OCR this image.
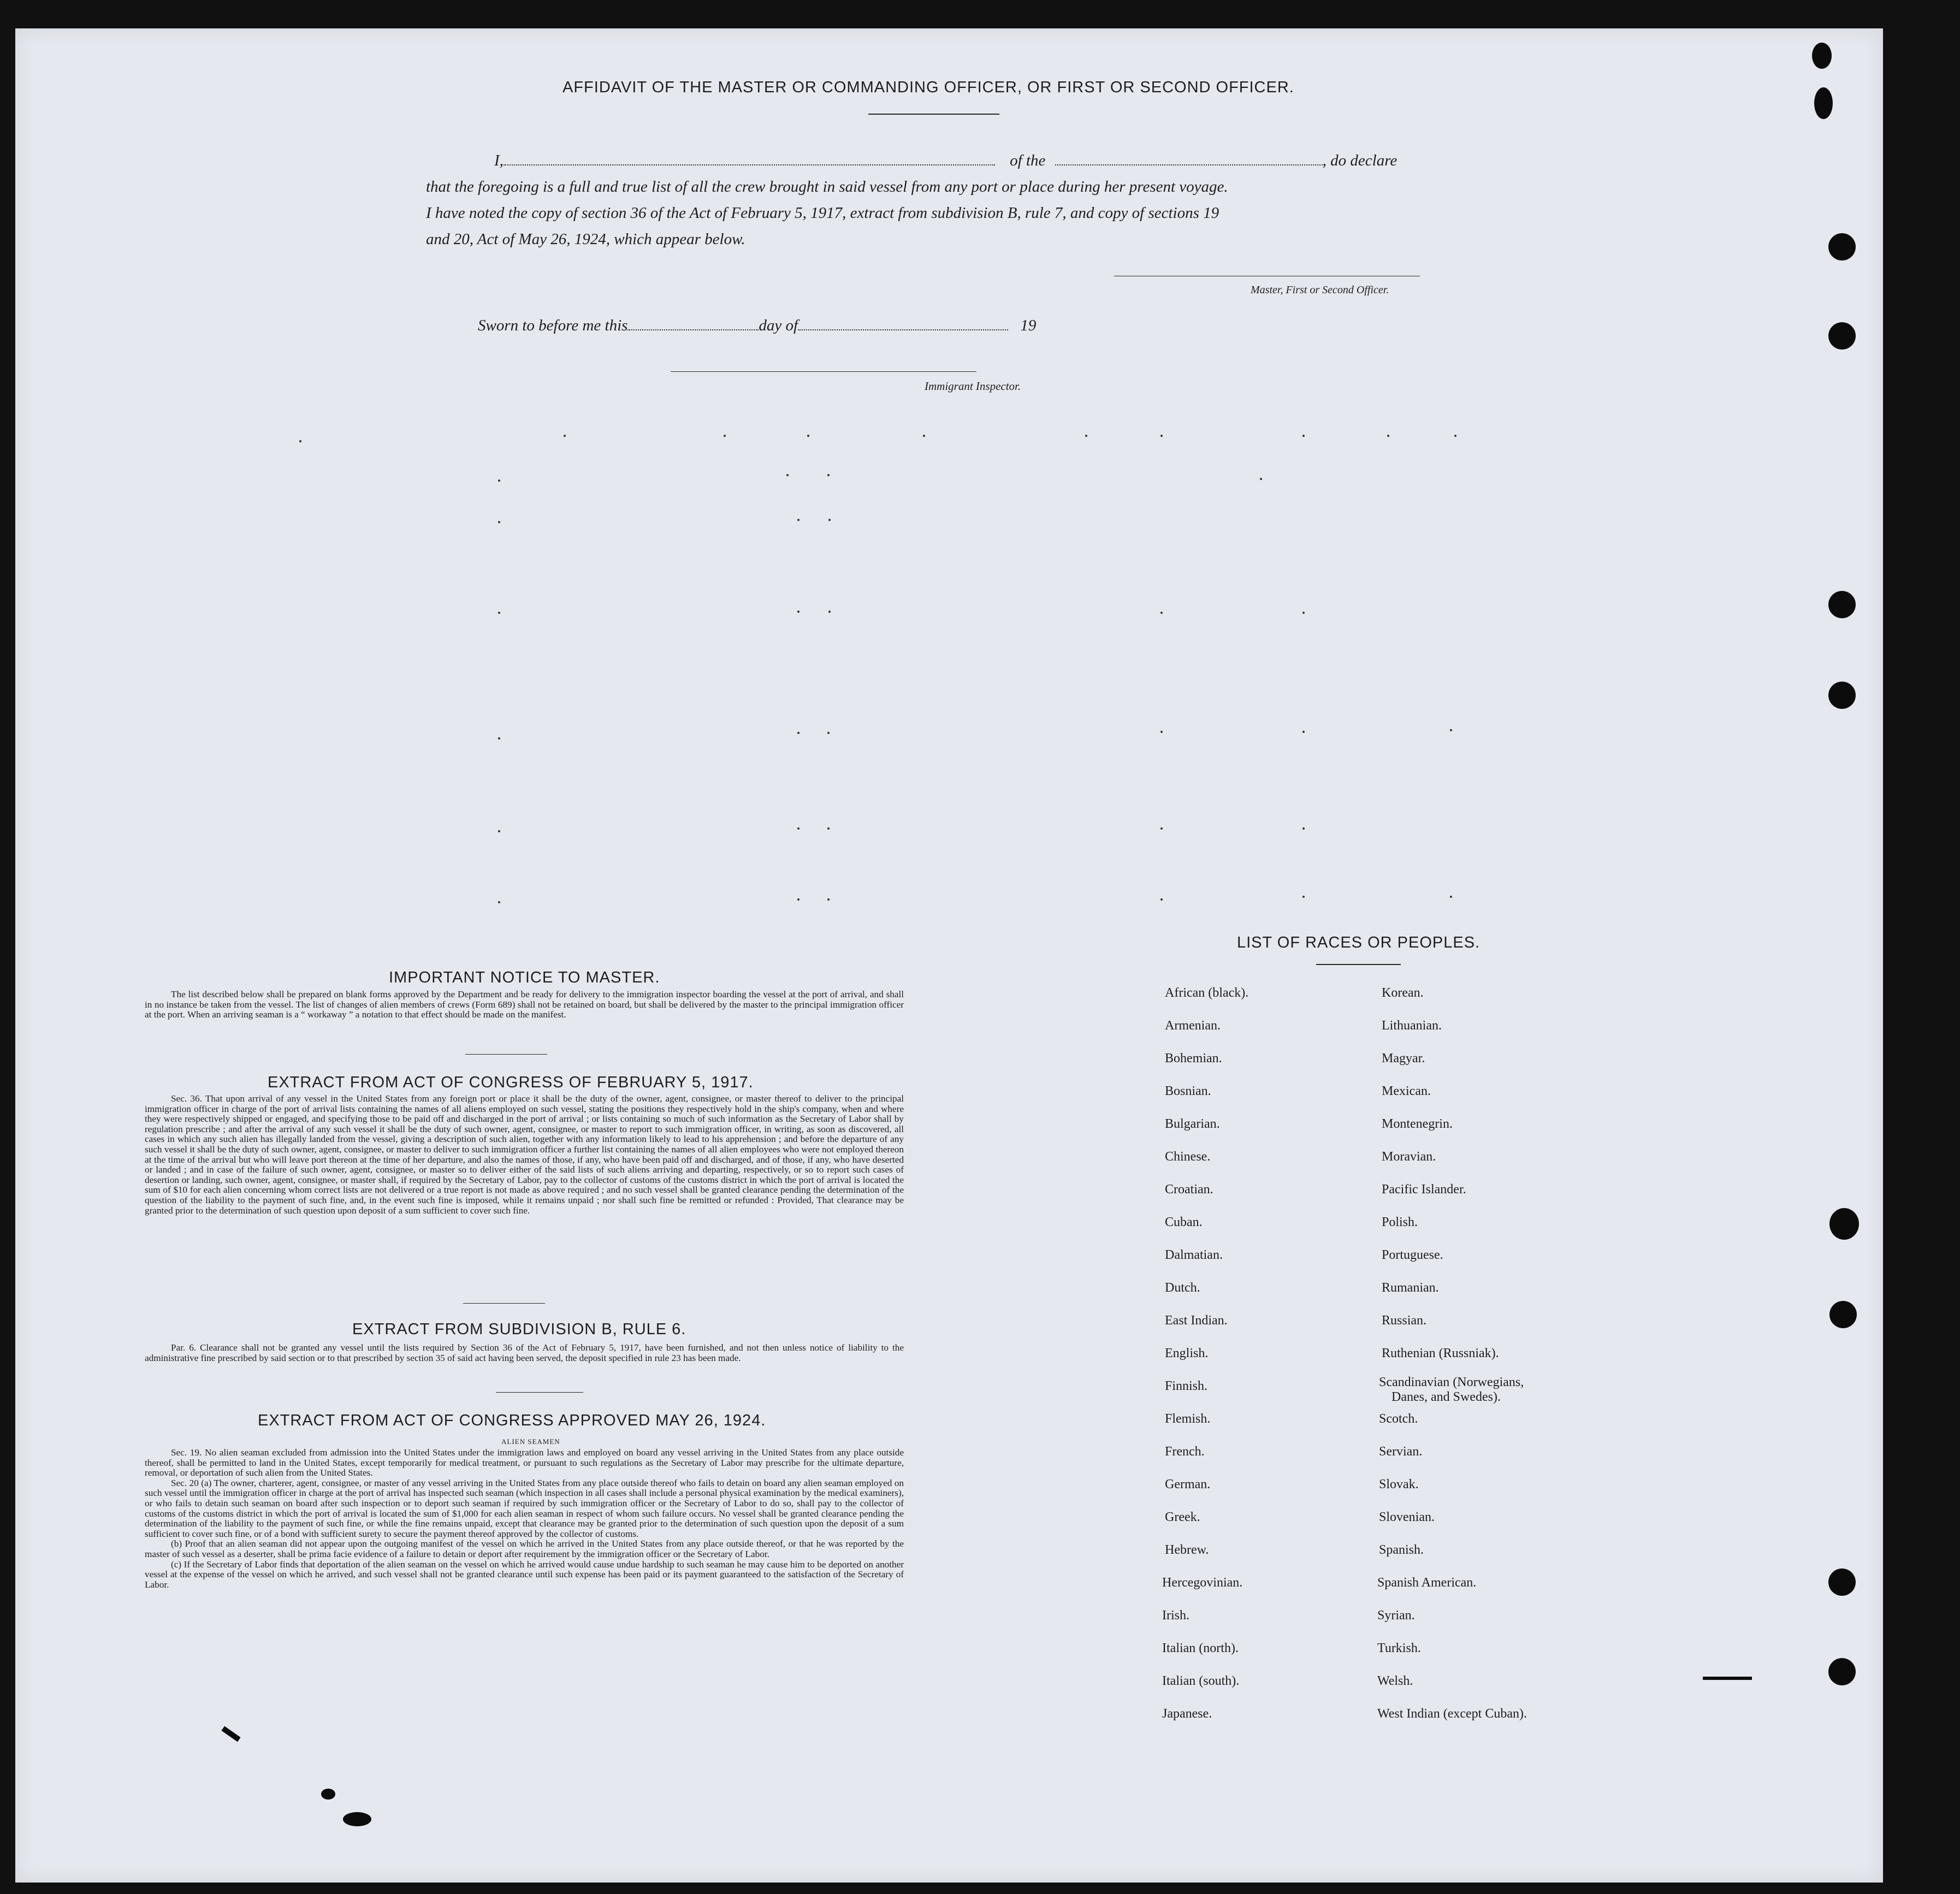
AFFIDAVIT OF THE MASTER OR COMMANDING OFFICER, OR FIRST OR SECOND OFFICER.
I,	of the	, do declare
that the foregoing is a full and true list of all the crew brought in said vessel from any port or place during her present voyage.
I have noted the copy of section 36 of the Act of February 5, 1917, extract from subdivision B, rule 7, and copy of sections 19
and 20, Act of May 26, 1924, which appear below.
Master, First or Second Officer.
Sworn to before me this	day of	19
Immigrant Inspector.
IMPORTANT NOTICE TO MASTER.

The list described below shall be prepared on blank forms approved by the Department and be ready for delivery to the immigration inspector boarding the vessel at the port of arrival, and shall in no instance be taken from the vessel. The list of changes of alien members of crews (Form 689) shall not be retained on board, but shall be delivered by the master to the principal immigration officer at the port. When an arriving seaman is a “ workaway ” a notation to that effect should be made on the manifest.

EXTRACT FROM ACT OF CONGRESS OF FEBRUARY 5, 1917.

Sec. 36. That upon arrival of any vessel in the United States from any foreign port or place it shall be the duty of the owner, agent, consignee, or master thereof to deliver to the principal immigration officer in charge of the port of arrival lists containing the names of all aliens employed on such vessel, stating the positions they respectively hold in the ship's company, when and where they were respectively shipped or engaged, and specifying those to be paid off and discharged in the port of arrival ; or lists containing so much of such information as the Secretary of Labor shall by regulation prescribe ; and after the arrival of any such vessel it shall be the duty of such owner, agent, consignee, or master to report to such immigration officer, in writing, as soon as discovered, all cases in which any such alien has illegally landed from the vessel, giving a description of such alien, together with any information likely to lead to his apprehension ; and before the departure of any such vessel it shall be the duty of such owner, agent, consignee, or master to deliver to such immigration officer a further list containing the names of all alien employees who were not employed thereon at the time of the arrival but who will leave port thereon at the time of her departure, and also the names of those, if any, who have been paid off and discharged, and of those, if any, who have deserted or landed ; and in case of the failure of such owner, agent, consignee, or master so to deliver either of the said lists of such aliens arriving and departing, respectively, or so to report such cases of desertion or landing, such owner, agent, consignee, or master shall, if required by the Secretary of Labor, pay to the collector of customs of the customs district in which the port of arrival is located the sum of $10 for each alien concerning whom correct lists are not delivered or a true report is not made as above required ; and no such vessel shall be granted clearance pending the determination of the question of the liability to the payment of such fine, and, in the event such fine is imposed, while it remains unpaid ; nor shall such fine be remitted or refunded : Provided, That clearance may be granted prior to the determination of such question upon deposit of a sum sufficient to cover such fine.

EXTRACT FROM SUBDIVISION B, RULE 6.

Par. 6. Clearance shall not be granted any vessel until the lists required by Section 36 of the Act of February 5, 1917, have been furnished, and not then unless notice of liability to the administrative fine prescribed by said section or to that prescribed by section 35 of said act having been served, the deposit specified in rule 23 has been made.

EXTRACT FROM ACT OF CONGRESS APPROVED MAY 26, 1924.
ALIEN SEAMEN

Sec. 19. No alien seaman excluded from admission into the United States under the immigration laws and employed on board any vessel arriving in the United States from any place outside thereof, shall be permitted to land in the United States, except temporarily for medical treatment, or pursuant to such regulations as the Secretary of Labor may prescribe for the ultimate departure, removal, or deportation of such alien from the United States.

Sec. 20 (a) The owner, charterer, agent, consignee, or master of any vessel arriving in the United States from any place outside thereof who fails to detain on board any alien seaman employed on such vessel until the immigration officer in charge at the port of arrival has inspected such seaman (which inspection in all cases shall include a personal physical examination by the medical examiners), or who fails to detain such seaman on board after such inspection or to deport such seaman if required by such immigration officer or the Secretary of Labor to do so, shall pay to the collector of customs of the customs district in which the port of arrival is located the sum of $1,000 for each alien seaman in respect of whom such failure occurs. No vessel shall be granted clearance pending the determination of the liability to the payment of such fine, or while the fine remains unpaid, except that clearance may be granted prior to the determination of such question upon the deposit of a sum sufficient to cover such fine, or of a bond with sufficient surety to secure the payment thereof approved by the collector of customs.

(b) Proof that an alien seaman did not appear upon the outgoing manifest of the vessel on which he arrived in the United States from any place outside thereof, or that he was reported by the master of such vessel as a deserter, shall be prima facie evidence of a failure to detain or deport after requirement by the immigration officer or the Secretary of Labor.

(c) If the Secretary of Labor finds that deportation of the alien seaman on the vessel on which he arrived would cause undue hardship to such seaman he may cause him to be deported on another vessel at the expense of the vessel on which he arrived, and such vessel shall not be granted clearance until such expense has been paid or its payment guaranteed to the satisfaction of the Secretary of Labor.

LIST OF RACES OR PEOPLES.
African (black).
Armenian.
Bohemian.
Bosnian.
Bulgarian.
Chinese.
Croatian.
Cuban.
Dalmatian.
Dutch.
East Indian.
English.
Finnish.
Flemish.
French.
German.
Greek.
Hebrew.
Hercegovinian.
Irish.
Italian (north).
Italian (south).
Japanese.
Korean.
Lithuanian.
Magyar.
Mexican.
Montenegrin.
Moravian.
Pacific Islander.
Polish.
Portuguese.
Rumanian.
Russian.
Ruthenian (Russniak).
Scandinavian (Norwegians,
Danes, and Swedes).
Scotch.
Servian.
Slovak.
Slovenian.
Spanish.
Spanish American.
Syrian.
Turkish.
Welsh.
West Indian (except Cuban).
